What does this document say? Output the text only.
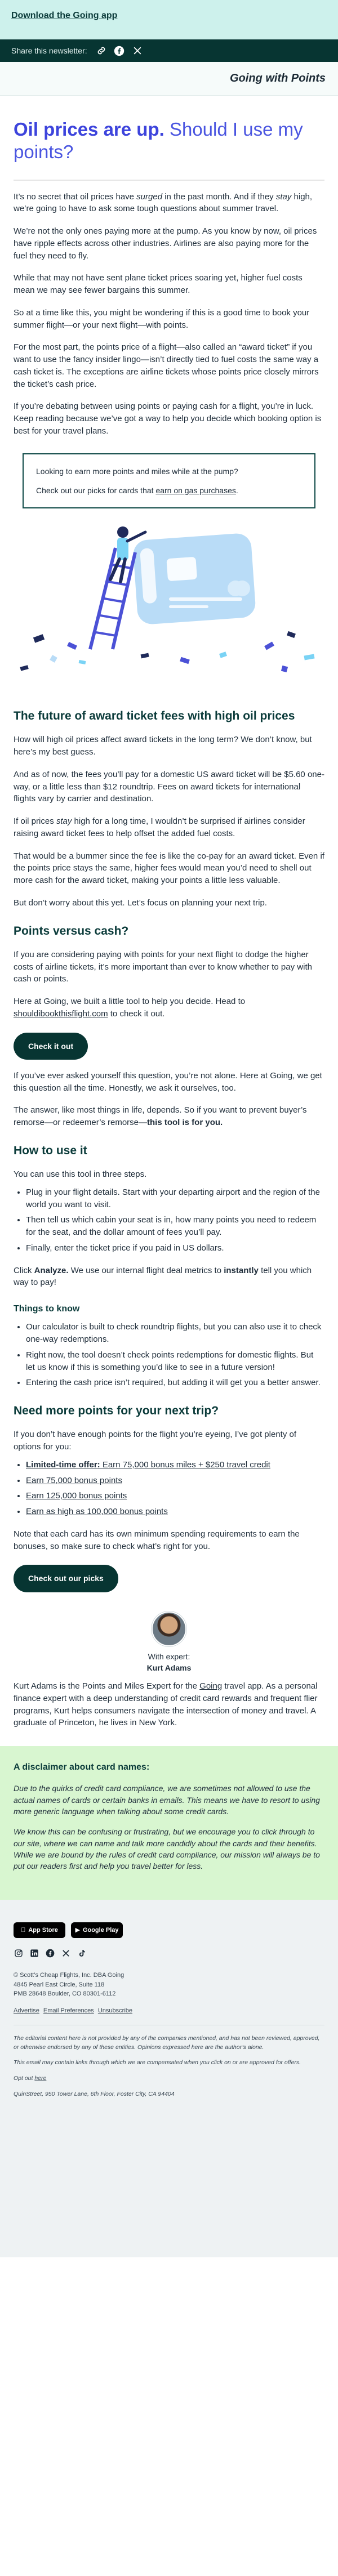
Download the Going app
Share this newsletter:
Going with Points
Oil prices are up. Should I use my points?

It’s no secret that oil prices have surged in the past month. And if they stay high, we’re going to have to ask some tough questions about summer travel.

We’re not the only ones paying more at the pump. As you know by now, oil prices have ripple effects across other industries. Airlines are also paying more for the fuel they need to fly.

While that may not have sent plane ticket prices soaring yet, higher fuel costs mean we may see fewer bargains this summer.

So at a time like this, you might be wondering if this is a good time to book your summer flight—or your next flight—with points.

For the most part, the points price of a flight—also called an “award ticket” if you want to use the fancy insider lingo—isn’t directly tied to fuel costs the same way a cash ticket is. The exceptions are airline tickets whose points price closely mirrors the ticket’s cash price.

If you’re debating between using points or paying cash for a flight, you’re in luck. Keep reading because we’ve got a way to help you decide which booking option is best for your travel plans.

Looking to earn more points and miles while at the pump?

Check out our picks for cards that earn on gas purchases.

The future of award ticket fees with high oil prices

How will high oil prices affect award tickets in the long term? We don’t know, but here’s my best guess.

And as of now, the fees you’ll pay for a domestic US award ticket will be $5.60 one-way, or a little less than $12 roundtrip. Fees on award tickets for international flights vary by carrier and destination.

If oil prices stay high for a long time, I wouldn’t be surprised if airlines consider raising award ticket fees to help offset the added fuel costs.

That would be a bummer since the fee is like the co-pay for an award ticket. Even if the points price stays the same, higher fees would mean you’d need to shell out more cash for the award ticket, making your points a little less valuable.

But don’t worry about this yet. Let’s focus on planning your next trip.

Points versus cash?

If you are considering paying with points for your next flight to dodge the higher costs of airline tickets, it’s more important than ever to know whether to pay with cash or points.

Here at Going, we built a little tool to help you decide. Head to shouldibookthisflight.com to check it out.

Check it out

If you’ve ever asked yourself this question, you’re not alone. Here at Going, we get this question all the time. Honestly, we ask it ourselves, too.

The answer, like most things in life, depends. So if you want to prevent buyer’s remorse—or redeemer’s remorse—this tool is for you.

How to use it

You can use this tool in three steps.

• Plug in your flight details. Start with your departing airport and the region of the world you want to visit.
• Then tell us which cabin your seat is in, how many points you need to redeem for the seat, and the dollar amount of fees you’ll pay.
• Finally, enter the ticket price if you paid in US dollars.

Click Analyze. We use our internal flight deal metrics to instantly tell you which way to pay!

Things to know
• Our calculator is built to check roundtrip flights, but you can also use it to check one-way redemptions.
• Right now, the tool doesn’t check points redemptions for domestic flights. But let us know if this is something you’d like to see in a future version!
• Entering the cash price isn’t required, but adding it will get you a better answer.
Need more points for your next trip?

If you don’t have enough points for the flight you’re eyeing, I’ve got plenty of options for you:

• Limited-time offer: Earn 75,000 bonus miles + $250 travel credit
• Earn 75,000 bonus points
• Earn 125,000 bonus points
• Earn as high as 100,000 bonus points

Note that each card has its own minimum spending requirements to earn the bonuses, so make sure to check what’s right for you.

Check out our picks
With expert:
Kurt Adams

Kurt Adams is the Points and Miles Expert for the Going travel app. As a personal finance expert with a deep understanding of credit card rewards and frequent flier programs, Kurt helps consumers navigate the intersection of money and travel. A graduate of Princeton, he lives in New York.

A disclaimer about card names:

Due to the quirks of credit card compliance, we are sometimes not allowed to use the actual names of cards or certain banks in emails. This means we have to resort to using more generic language when talking about some credit cards.

We know this can be confusing or frustrating, but we encourage you to click through to our site, where we can name and talk more candidly about the cards and their benefits. While we are bound by the rules of credit card compliance, our mission will always be to put our readers first and help you travel better for less.

App Store	▶ Google Play
© Scott’s Cheap Flights, Inc. DBA Going
4845 Pearl East Circle, Suite 118
PMB 28648 Boulder, CO 80301-6112
Advertise Email Preferences Unsubscribe

The editorial content here is not provided by any of the companies mentioned, and has not been reviewed, approved, or otherwise endorsed by any of these entities. Opinions expressed here are the author’s alone.

This email may contain links through which we are compensated when you click on or are approved for offers.

Opt out here

QuinStreet, 950 Tower Lane, 6th Floor, Foster City, CA 94404
